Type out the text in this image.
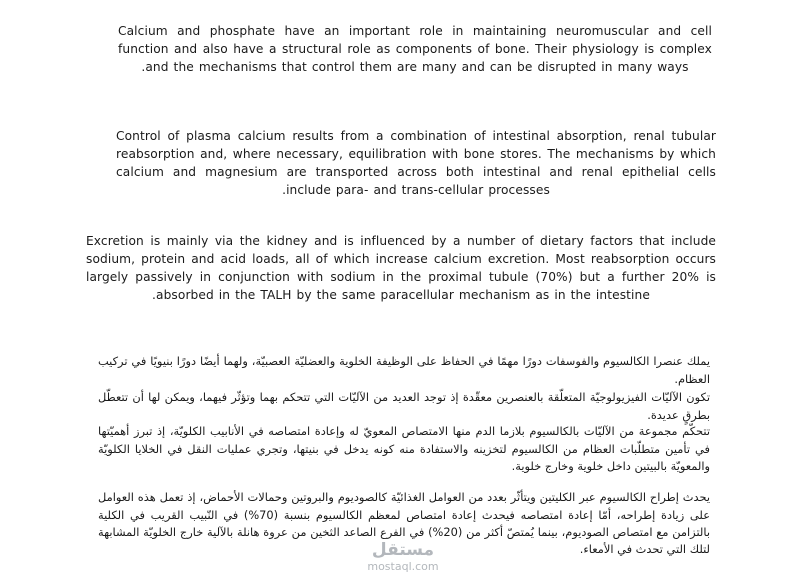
Calcium and phosphate have an important role in maintaining neuromuscular and cell function and also have a structural role as components of bone. Their physiology is complex and the mechanisms that control them are many and can be disrupted in many ways.

Control of plasma calcium results from a combination of intestinal absorption, renal tubular reabsorption and, where necessary, equilibration with bone stores. The mechanisms by which calcium and magnesium are transported across both intestinal and renal epithelial cells include para- and trans-cellular processes.

Excretion is mainly via the kidney and is influenced by a number of dietary factors that include sodium, protein and acid loads, all of which increase calcium excretion. Most reabsorption occurs largely passively in conjunction with sodium in the proximal tubule (70%) but a further 20% is absorbed in the TALH by the same paracellular mechanism as in the intestine.

يملك عنصرا الكالسيوم والفوسفات دورًا مهمًا في الحفاظ على الوظيفة الخلوية والعضليّة العصبيّة، ولهما أيضًا دورًا بنيويًا في تركيب العظام.

تكون الآليّات الفيزيولوجيّة المتعلّقة بالعنصرين معقّدة إذ توجد العديد من الآليّات التي تتحكم بهما وتؤثّر فيهما، ويمكن لها أن تتعطّل بطرقٍ عديدة.

تتحكّم مجموعة من الآليّات بالكالسيوم بلازما الدم منها الامتصاص المعويّ له وإعادة امتصاصه في الأنابيب الكلويّة، إذ تبرز أهميّتها في تأمين متطلّبات العظام من الكالسيوم لتخزينه والاستفادة منه كونه يدخل في بنيتها، وتجري عمليات النقل في الخلايا الكلويّة والمعويّة بالبيتين داخل خلوية وخارج خلوية.

يحدث إطراح الكالسيوم عبر الكليتين ويتأثّر بعدد من العوامل الغذائيّة كالصوديوم والبروتين وحمالات الأحماض، إذ تعمل هذه العوامل على زيادة إطراحه، أمّا إعادة امتصاصه فيحدث إعادة امتصاص لمعظم الكالسيوم بنسبة (70%) في النّبيب القريب في الكلية بالتزامن مع امتصاص الصوديوم، بينما يُمتصّ أكثر من (20%) في الفرع الصاعد الثخين من عروة هانلة بالآلية خارج الخلويّة المشابهة لتلك التي تحدث في الأمعاء.

مستقل
mostaql.com
